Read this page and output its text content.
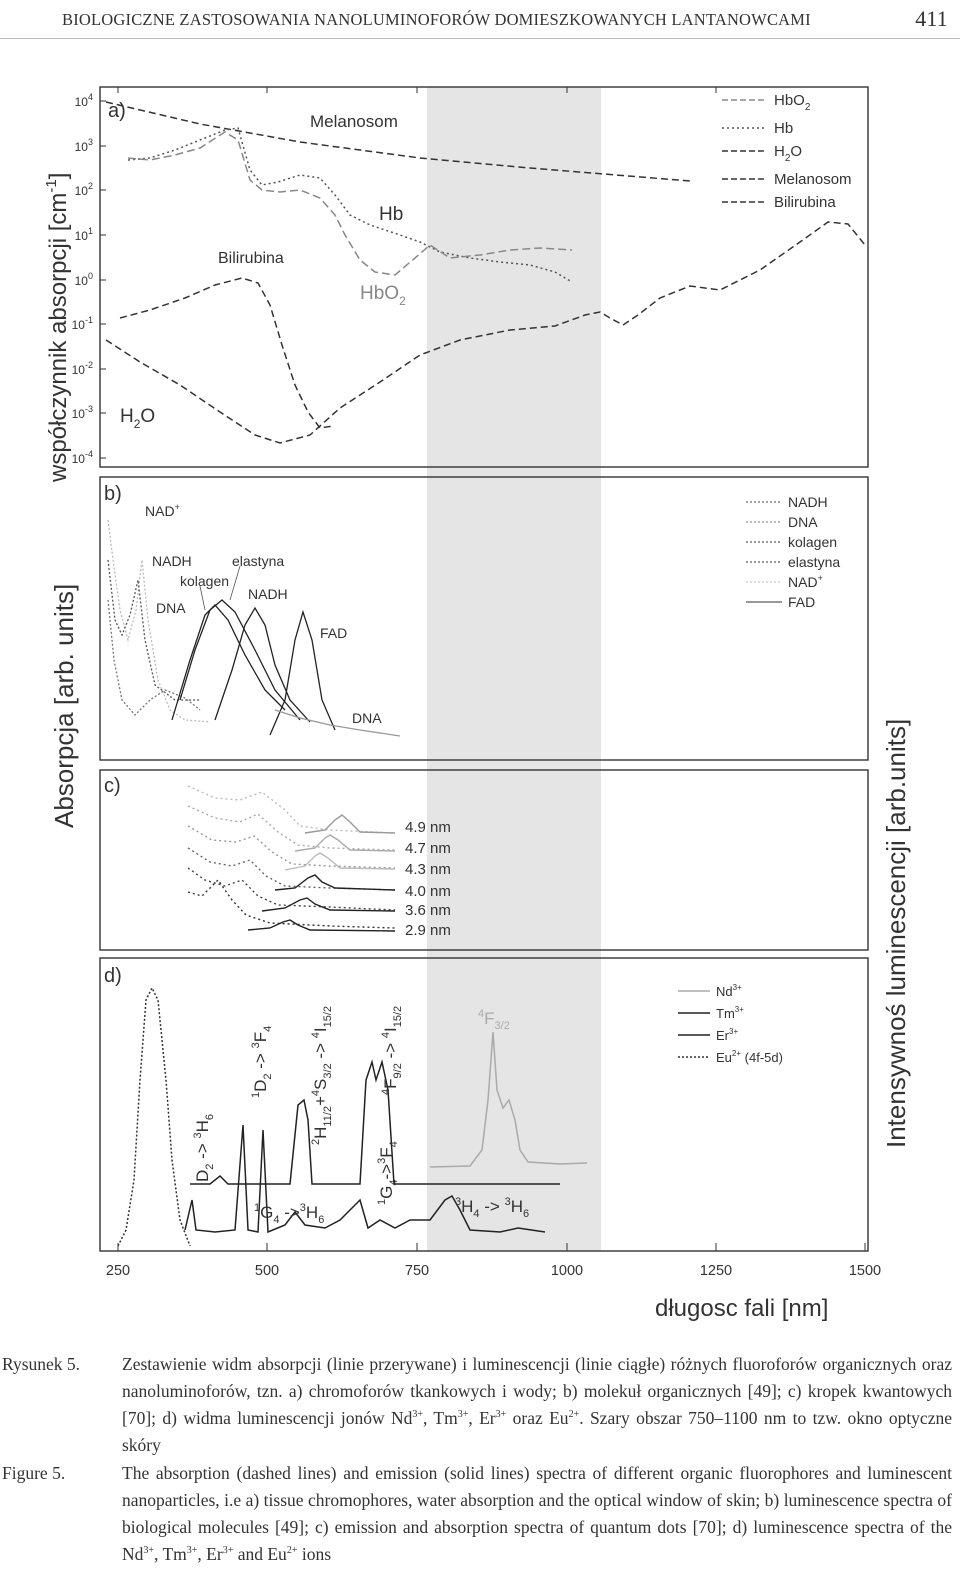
BIOLOGICZNE ZASTOSOWANIA NANOLUMINOFORÓW DOMIESZKOWANYCH LANTANOWCAMI	411
250	500	750	1000	1250	1500
długosc fali [nm]
$10^4$
$10^3$
$10^2$
$10^1$
$10^0$
$10^{-1}$
$10^{-2}$
$10^{-3}$
$10^{-4}$
współczynnik absorpcji $[cm^{-1}]$
Absorpcja [arb. units]
Intensywnoś luminescencji [arb.units]
Melanosom
Hb
Bilirubina
HbO$_2$
$H_2O$
a)	HbO$_2$
Hb
$H_2O$
Melanosom
Bilirubina
b)
NAD+
NADH	elastyna
kolagen
NADH
DNA
FAD
DNA
NADH
DNA
kolagen
elastyna
NAD+
FAD
c)
4.9 nm
4.7 nm
4.3 nm
4.0 nm
3.6 nm
2.9 nm
d)
$D_2 -> ^3H_6$
$^1D_2 -> ^3F_4$
$^2H_{11/2}+^4S_{3/2} -> ^4I_{15/2}$
$^4F_{9/2} -> ^4I_{15/2}$	$^4F_{3/2}$
$^1G_4$ $->^3H_6$
$^1G_4->^3F_4$
$^3H_4 -> ^3H_6$
$Nd^{3+}$
$Tm^{3+}$
$Er^{3+}$
$Eu^{2+}$ (4f-5d)
Rysunek 5. Zestawienie widm absorpcji (linie przerywane) i luminescencji (linie ciągłe) różnych fluoroforów organicznych oraz nanoluminoforów, tzn. a) chromoforów tkankowych i wody; b) molekuł organicznych [49]; c) kropek kwantowych [70]; d) widma luminescencji jonów $Nd^{3+}$, $Tm^{3+}$, $Er^{3+}$ oraz $Eu^{2+}$. Szary obszar 750–1100 nm to tzw. okno optyczne skóry
Figure 5.	The absorption (dashed lines) and emission (solid lines) spectra of different organic fluorophores and luminescent nanoparticles, i.e a) tissue chromophores, water absorption and the optical window of skin; b) luminescence spectra of biological molecules [49]; c) emission and absorption spectra of quantum dots [70]; d) luminescence spectra of the $Nd^{3+}$, $Tm^{3+}$, $Er^{3+}$ and $Eu^{2+}$ ions
